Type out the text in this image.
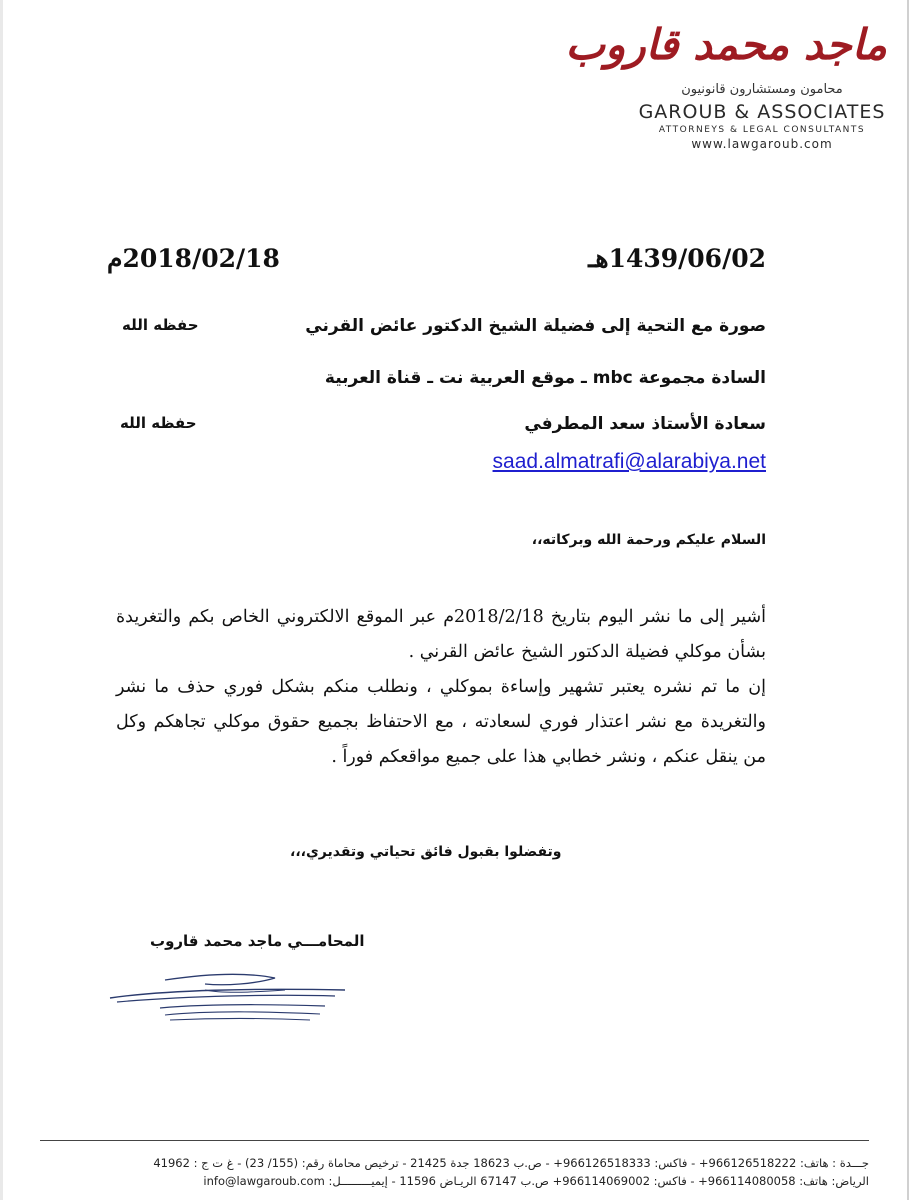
ماجد محمد قاروب
محامون ومستشارون قانونيون
GAROUB & ASSOCIATES
ATTORNEYS & LEGAL CONSULTANTS
www.lawgaroub.com
1439/06/02هـ
2018/02/18م
صورة مع التحية إلى فضيلة الشيخ الدكتور عائض القرني
حفظه الله
السادة مجموعة mbc ـ موقع العربية نت ـ قناة العربية
سعادة الأستاذ سعد المطرفي
حفظه الله
saad.almatrafi@alarabiya.net
السلام عليكم ورحمة الله وبركاته،،

أشير إلى ما نشر اليوم بتاريخ 2018/2/18م عبر الموقع الالكتروني الخاص بكم والتغريدة بشأن موكلي فضيلة الدكتور الشيخ عائض القرني .

إن ما تم نشره يعتبر تشهير وإساءة بموكلي ، ونطلب منكم بشكل فوري حذف ما نشر والتغريدة مع نشر اعتذار فوري لسعادته ، مع الاحتفاظ بجميع حقوق موكلي تجاهكم وكل من ينقل عنكم ، ونشر خطابي هذا على جميع مواقعكم فوراً .

وتفضلوا بقبول فائق تحياتي وتقديري،،،
المحامـــي ماجد محمد قاروب
جـــدة : هاتف: 966126518222+ - فاكس: 966126518333+ - ص.ب 18623 جدة 21425 - ترخيص محاماة رقم: (155/ 23) - غ ت ج : 41962
الرياض: هاتف: 966114080058+ - فاكس: 966114069002+ ص.ب 67147 الريـاض 11596 - إيميـــــــــل: info@lawgaroub.com
